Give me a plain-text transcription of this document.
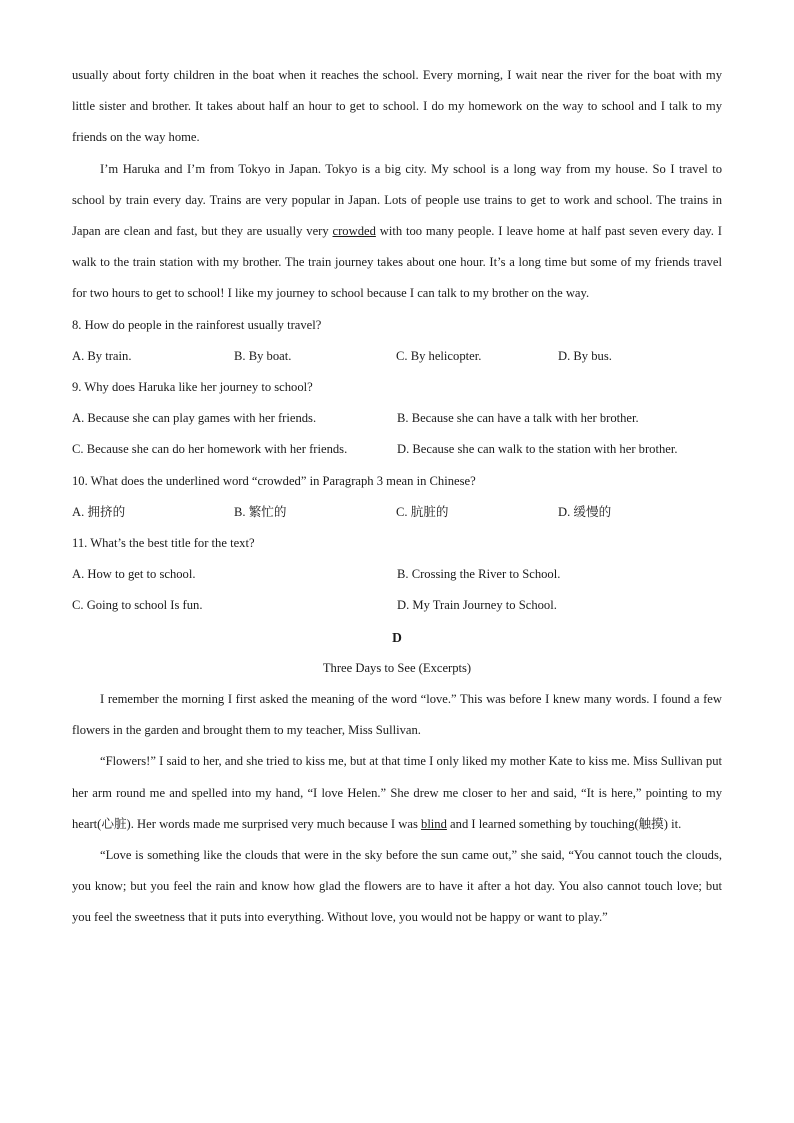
usually about forty children in the boat when it reaches the school. Every morning, I wait near the river for the boat with my little sister and brother. It takes about half an hour to get to school. I do my homework on the way to school and I talk to my friends on the way home.

I’m Haruka and I’m from Tokyo in Japan. Tokyo is a big city. My school is a long way from my house. So I travel to school by train every day. Trains are very popular in Japan. Lots of people use trains to get to work and school. The trains in Japan are clean and fast, but they are usually very crowded with too many people. I leave home at half past seven every day. I walk to the train station with my brother. The train journey takes about one hour. It’s a long time but some of my friends travel for two hours to get to school! I like my journey to school because I can talk to my brother on the way.

8. How do people in the rainforest usually travel?

A. By train.	B. By boat.	C. By helicopter.	D. By bus.

9. Why does Haruka like her journey to school?

A. Because she can play games with her friends.	B. Because she can have a talk with her brother.
C. Because she can do her homework with her friends.	D. Because she can walk to the station with her brother.

10. What does the underlined word “crowded” in Paragraph 3 mean in Chinese?

A. 拥挤的	B. 繁忙的	C. 肮脏的	D. 缓慢的

11. What’s the best title for the text?

A. How to get to school.	B. Crossing the River to School.
C. Going to school Is fun.	D. My Train Journey to School.

D

Three Days to See (Excerpts)

I remember the morning I first asked the meaning of the word “love.” This was before I knew many words. I found a few flowers in the garden and brought them to my teacher, Miss Sullivan.

“Flowers!” I said to her, and she tried to kiss me, but at that time I only liked my mother Kate to kiss me. Miss Sullivan put her arm round me and spelled into my hand, “I love Helen.” She drew me closer to her and said, “It is here,” pointing to my heart(心脏). Her words made me surprised very much because I was blind and I learned something by touching(触摸) it.

“Love is something like the clouds that were in the sky before the sun came out,” she said, “You cannot touch the clouds, you know; but you feel the rain and know how glad the flowers are to have it after a hot day. You also cannot touch love; but you feel the sweetness that it puts into everything. Without love, you would not be happy or want to play.”
